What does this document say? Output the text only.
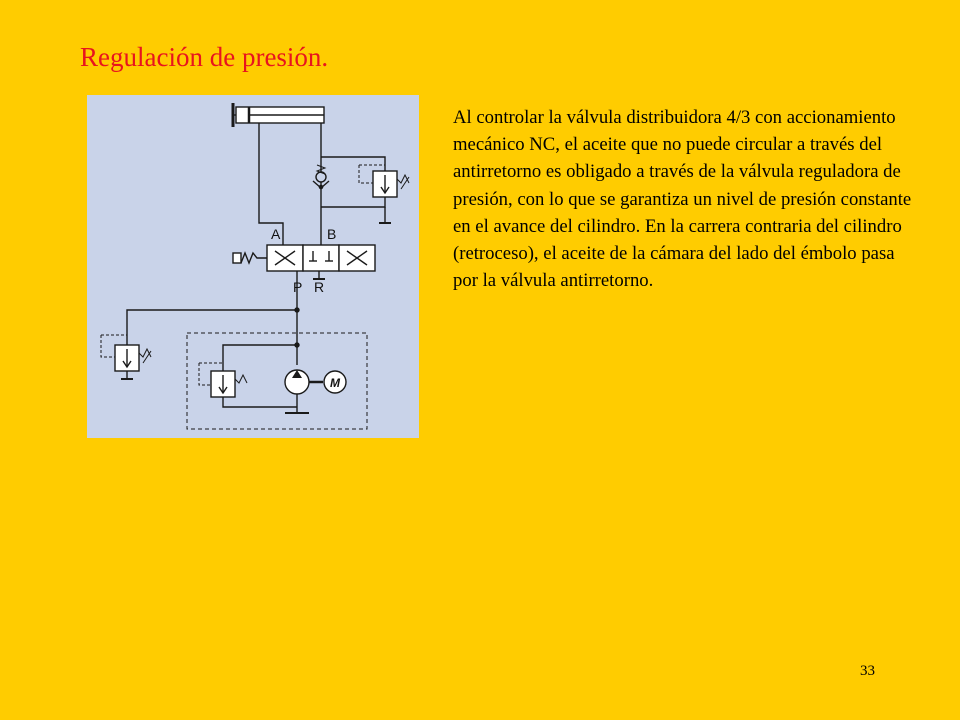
Regulación de presión.
A	B
P R
M

Al controlar la válvula distribuidora 4/3 con accionamiento mecánico NC, el aceite que no puede circular a través del antirretorno es obligado a través de la válvula reguladora de presión, con lo que se garantiza un nivel de presión constante en el avance del cilindro. En la carrera contraria del cilindro (retroceso), el aceite de la cámara del lado del émbolo pasa por la válvula antirretorno.

33
